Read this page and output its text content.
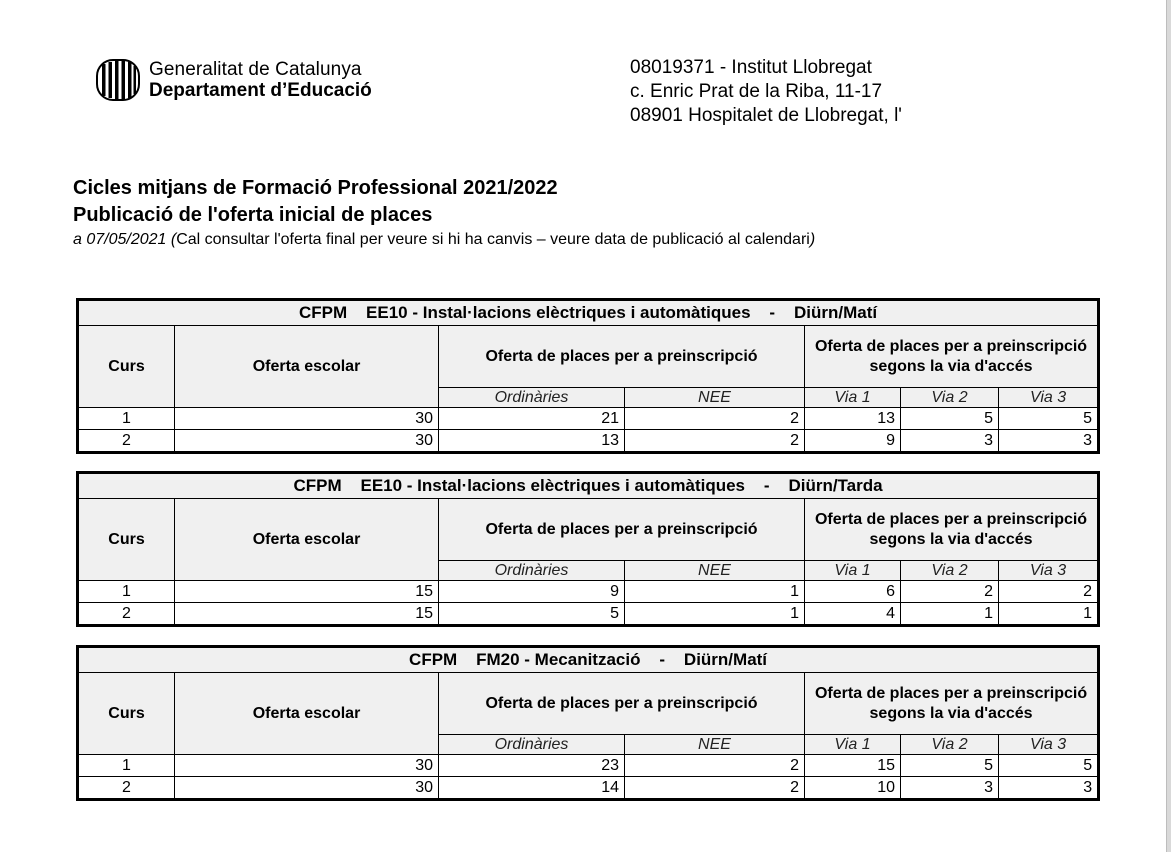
Generalitat de Catalunya
Departament d’Educació
08019371 - Institut Llobregat
c. Enric Prat de la Riba, 11-17
08901 Hospitalet de Llobregat, l'
Cicles mitjans de Formació Professional 2021/2022
Publicació de l'oferta inicial de places
a 07/05/2021 (Cal consultar l'oferta final per veure si hi ha canvis – veure data de publicació al calendari)
CFPM    EE10 - Instal·lacions elèctriques i automàtiques    -    Diürn/Matí						
Curs	Oferta escolar	Oferta de places per a preinscripció		Oferta de places per a preinscripció segons la via d'accés		
		Ordinàries	NEE	Via 1	Via 2	Via 3
1	30	21	2	13	5	5
2	30	13	2	9	3	3
CFPM    EE10 - Instal·lacions elèctriques i automàtiques    -    Diürn/Tarda						
Curs	Oferta escolar	Oferta de places per a preinscripció		Oferta de places per a preinscripció segons la via d'accés		
		Ordinàries	NEE	Via 1	Via 2	Via 3
1	15	9	1	6	2	2
2	15	5	1	4	1	1
CFPM    FM20 - Mecanització    -    Diürn/Matí						
Curs	Oferta escolar	Oferta de places per a preinscripció		Oferta de places per a preinscripció segons la via d'accés		
		Ordinàries	NEE	Via 1	Via 2	Via 3
1	30	23	2	15	5	5
2	30	14	2	10	3	3
